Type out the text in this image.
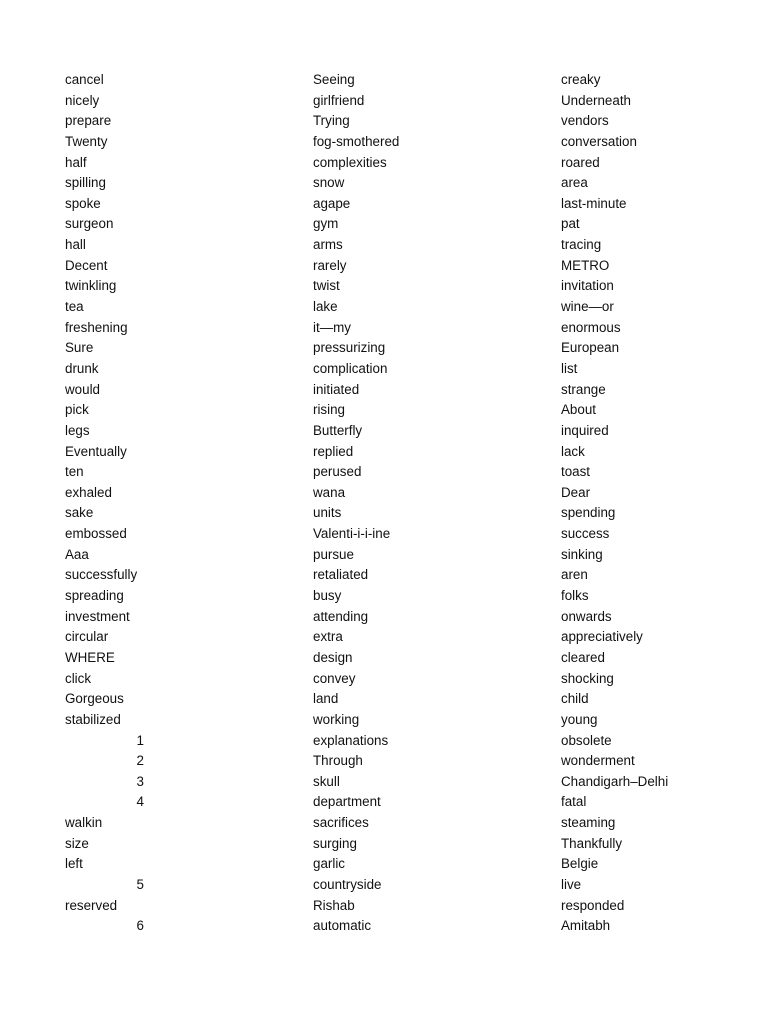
cancel
nicely
prepare
Twenty
half
spilling
spoke
surgeon
hall
Decent
twinkling
tea
freshening
Sure
drunk
would
pick
legs
Eventually
ten
exhaled
sake
embossed
Aaa
successfully
spreading
investment
circular
WHERE
click
Gorgeous
stabilized
1
2
3
4
walkin
size
left
5
reserved
6
Seeing
girlfriend
Trying
fog-smothered
complexities
snow
agape
gym
arms
rarely
twist
lake
it—my
pressurizing
complication
initiated
rising
Butterfly
replied
perused
wana
units
Valenti-i-i-ine
pursue
retaliated
busy
attending
extra
design
convey
land
working
explanations
Through
skull
department
sacrifices
surging
garlic
countryside
Rishab
automatic
creaky
Underneath
vendors
conversation
roared
area
last-minute
pat
tracing
METRO
invitation
wine—or
enormous
European
list
strange
About
inquired
lack
toast
Dear
spending
success
sinking
aren
folks
onwards
appreciatively
cleared
shocking
child
young
obsolete
wonderment
Chandigarh–Delhi
fatal
steaming
Thankfully
Belgie
live
responded
Amitabh
